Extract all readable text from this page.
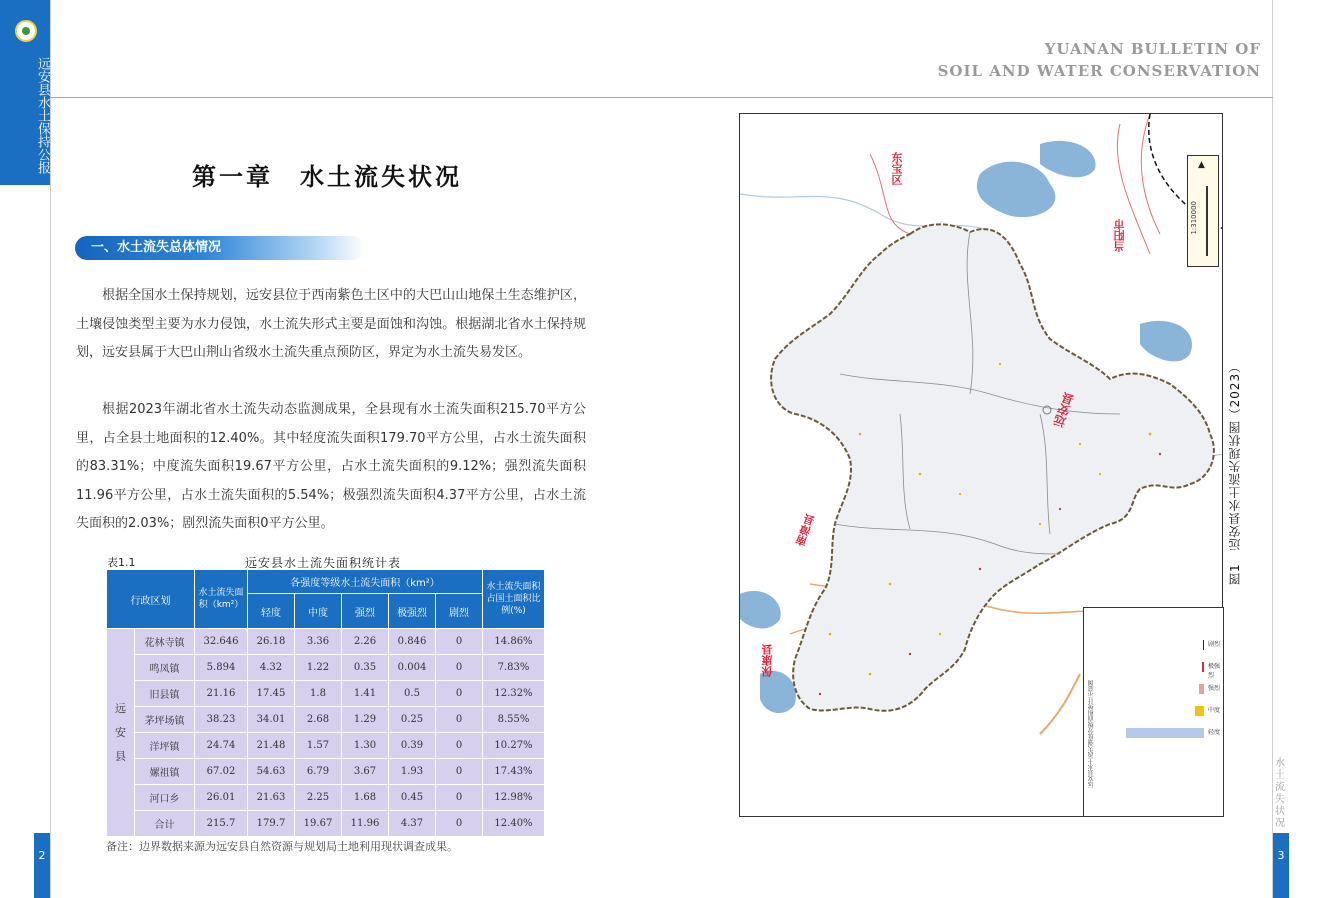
远安县水土保持公报
YUANAN BULLETIN OF
SOIL AND WATER CONSERVATION
2	3
第一章　水土流失状况
一、水土流失总体情况
根据全国水土保持规划，远安县位于西南紫色土区中的大巴山山地保土生态维护区，土壤侵蚀类型主要为水力侵蚀，水土流失形式主要是面蚀和沟蚀。根据湖北省水土保持规划，远安县属于大巴山荆山省级水土流失重点预防区，界定为水土流失易发区。
根据2023年湖北省水土流失动态监测成果，全县现有水土流失面积215.70平方公里，占全县土地面积的12.40%。其中轻度流失面积179.70平方公里，占水土流失面积的83.31%；中度流失面积19.67平方公里，占水土流失面积的9.12%；强烈流失面积11.96平方公里，占水土流失面积的5.54%；极强烈流失面积4.37平方公里，占水土流失面积的2.03%；剧烈流失面积0平方公里。
表1.1	远安县水土流失面积统计表
行政区划		水土流失面积（km²）	各强度等级水土流失面积（km²）					水土流失面积占国土面积比例(%)
			轻度	中度	强烈	极强烈	剧烈	
远
安
县	花林寺镇	32.646	26.18	3.36	2.26	0.846	0	14.86%
	鸣凤镇	5.894	4.32	1.22	0.35	0.004	0	7.83%
	旧县镇	21.16	17.45	1.8	1.41	0.5	0	12.32%
	茅坪场镇	38.23	34.01	2.68	1.29	0.25	0	8.55%
	洋坪镇	24.74	21.48	1.57	1.30	0.39	0	10.27%
	嫘祖镇	67.02	54.63	6.79	3.67	1.93	0	17.43%
	河口乡	26.01	21.63	2.25	1.68	0.45	0	12.98%
	合计	215.7	179.7	19.67	11.96	4.37	0	12.40%
备注：边界数据来源为远安县自然资源与规划局土地利用现状调查成果。
东宝区
当阳市
南漳县
保康县
远安县
▲
1:310000
远安县水土流失强度分级面积统计示意图	轻度
中度
强烈
极强烈
剧烈
图1　远安县水土流失现状图（2023）
水土流失状况
